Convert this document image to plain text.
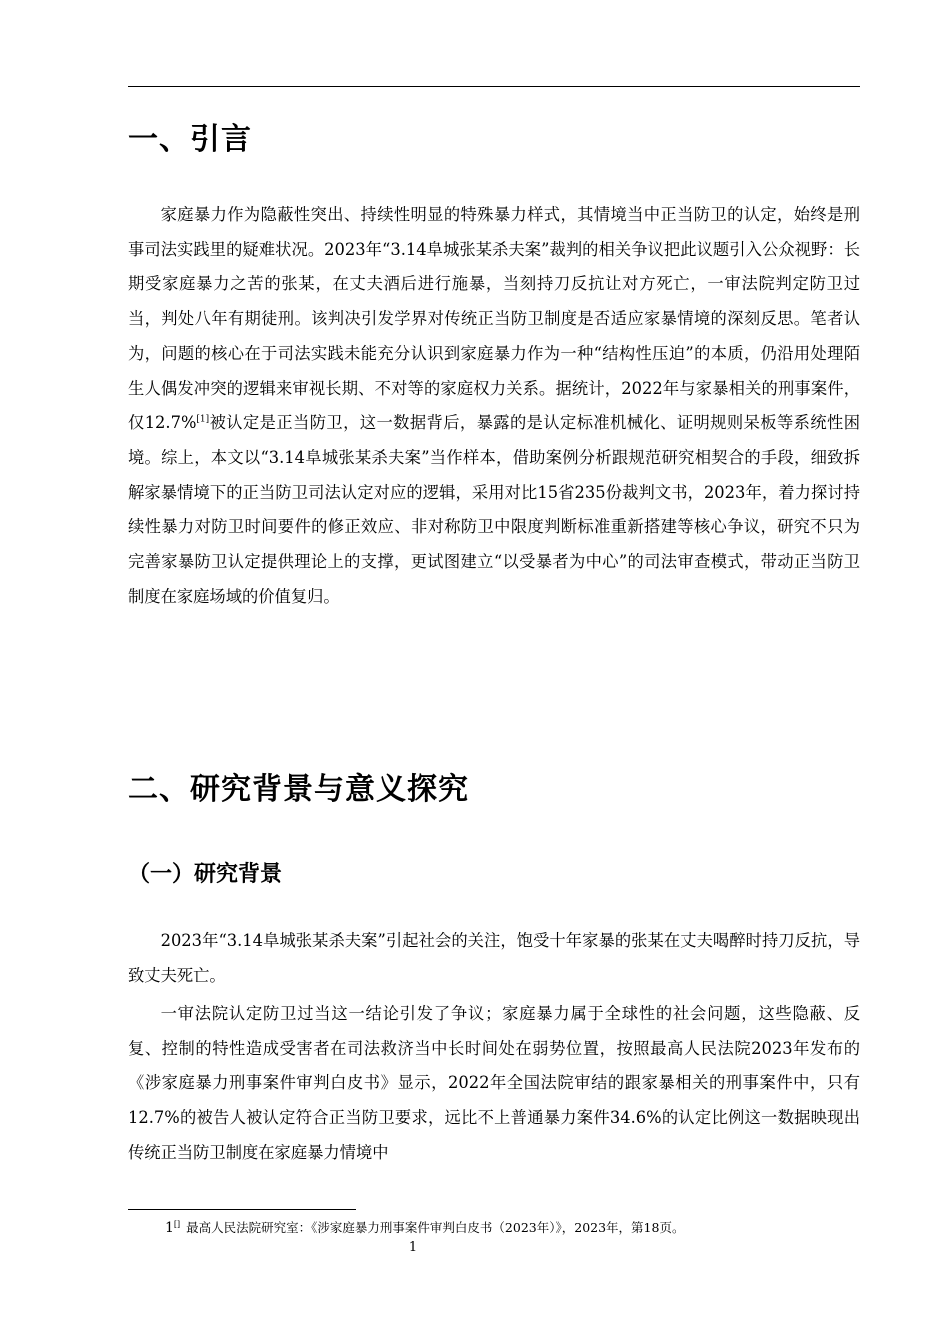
一、引言

家庭暴力作为隐蔽性突出、持续性明显的特殊暴力样式，其情境当中正当防卫的认定，始终是刑事司法实践里的疑难状况。2023年“3.14阜城张某杀夫案”裁判的相关争议把此议题引入公众视野：长期受家庭暴力之苦的张某，在丈夫酒后进行施暴，当刻持刀反抗让对方死亡，一审法院判定防卫过当，判处八年有期徒刑。该判决引发学界对传统正当防卫制度是否适应家暴情境的深刻反思。笔者认为，问题的核心在于司法实践未能充分认识到家庭暴力作为一种“结构性压迫”的本质，仍沿用处理陌生人偶发冲突的逻辑来审视长期、不对等的家庭权力关系。据统计，2022年与家暴相关的刑事案件，仅12.7%[1]被认定是正当防卫，这一数据背后，暴露的是认定标准机械化、证明规则呆板等系统性困境。综上，本文以“3.14阜城张某杀夫案”当作样本，借助案例分析跟规范研究相契合的手段，细致拆解家暴情境下的正当防卫司法认定对应的逻辑，采用对比15省235份裁判文书，2023年，着力探讨持续性暴力对防卫时间要件的修正效应、非对称防卫中限度判断标准重新搭建等核心争议，研究不只为完善家暴防卫认定提供理论上的支撑，更试图建立“以受暴者为中心”的司法审查模式，带动正当防卫制度在家庭场域的价值复归。

二、研究背景与意义探究
（一）研究背景

2023年“3.14阜城张某杀夫案”引起社会的关注，饱受十年家暴的张某在丈夫喝醉时持刀反抗，导致丈夫死亡。

一审法院认定防卫过当这一结论引发了争议；家庭暴力属于全球性的社会问题，这些隐蔽、反复、控制的特性造成受害者在司法救济当中长时间处在弱势位置，按照最高人民法院2023年发布的《涉家庭暴力刑事案件审判白皮书》显示，2022年全国法院审结的跟家暴相关的刑事案件中，只有12.7%的被告人被认定符合正当防卫要求，远比不上普通暴力案件34.6%的认定比例这一数据映现出传统正当防卫制度在家庭暴力情境中

1[] 最高人民法院研究室：《涉家庭暴力刑事案件审判白皮书（2023年）》，2023年，第18页。

1
